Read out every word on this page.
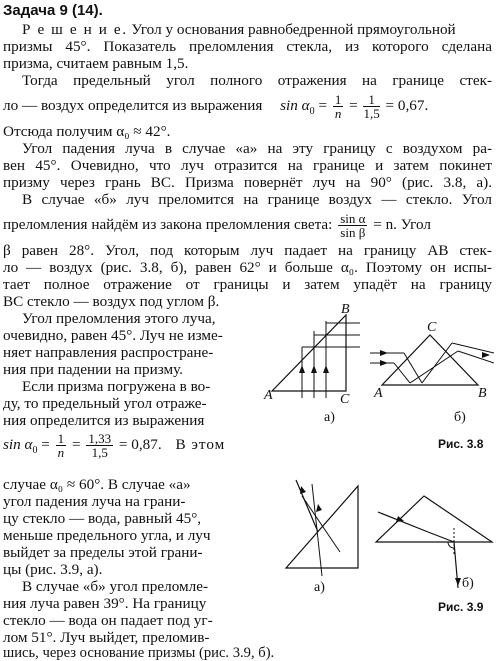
Задача 9 (14).
Р е ш е н и е. Угол у основания равнобедренной прямоугольной
призмы 45°. Показатель преломления стекла, из которого сделана
призма, считаем равным 1,5.
Тогда предельный угол полного отражения на границе стек-
ло — воздух определится из выражения $\sin \alpha_0 = \frac{1}{n} = \frac{1}{1,5} = 0,67$.
Отсюда получим α₀ ≈ 42°.
Угол падения луча в случае «а» на эту границу с воздухом ра-
вен 45°. Очевидно, что луч отразится на границе и затем покинет
призму через грань BC. Призма повернёт луч на 90° (рис. 3.8, а).
В случае «б» луч преломится на границе воздух — стекло. Угол
преломления найдём из закона преломления света: $\frac{\text{sin α}}{\text{sin β}} = n$. Угол
β равен 28°. Угол, под которым луч падает на границу AB стек-
ло — воздух (рис. 3.8, б), равен 62° и больше α₀. Поэтому он испы-
тает полное отражение от границы и затем упадёт на границу
BC стекло — воздух под углом β.
Угол преломления этого луча,
очевидно, равен 45°. Луч не изме-
няет направления распростране-
ния при падении на призму.
Если призма погружена в во-
ду, то предельный угол отраже-
ния определится из выражения
$\sin \alpha_0 = \frac{1}{n} = \frac{1,33}{1,5} = 0,87$. В этом
случае α₀ ≈ 60°. В случае «а»
угол падения луча на грани-
цу стекло — вода, равный 45°,
меньше предельного угла, и луч
выйдет за пределы этой грани-
цы (рис. 3.9, а).
В случае «б» угол преломле-
ния луча равен 39°. На границу
стекло — вода он падает под уг-
лом 51°. Луч выйдет, преломив-
шись, через основание призмы (рис. 3.9, б).
B
A	C
а)
C
A	B
б)
Рис. 3.8
а)	б)
Рис. 3.9
